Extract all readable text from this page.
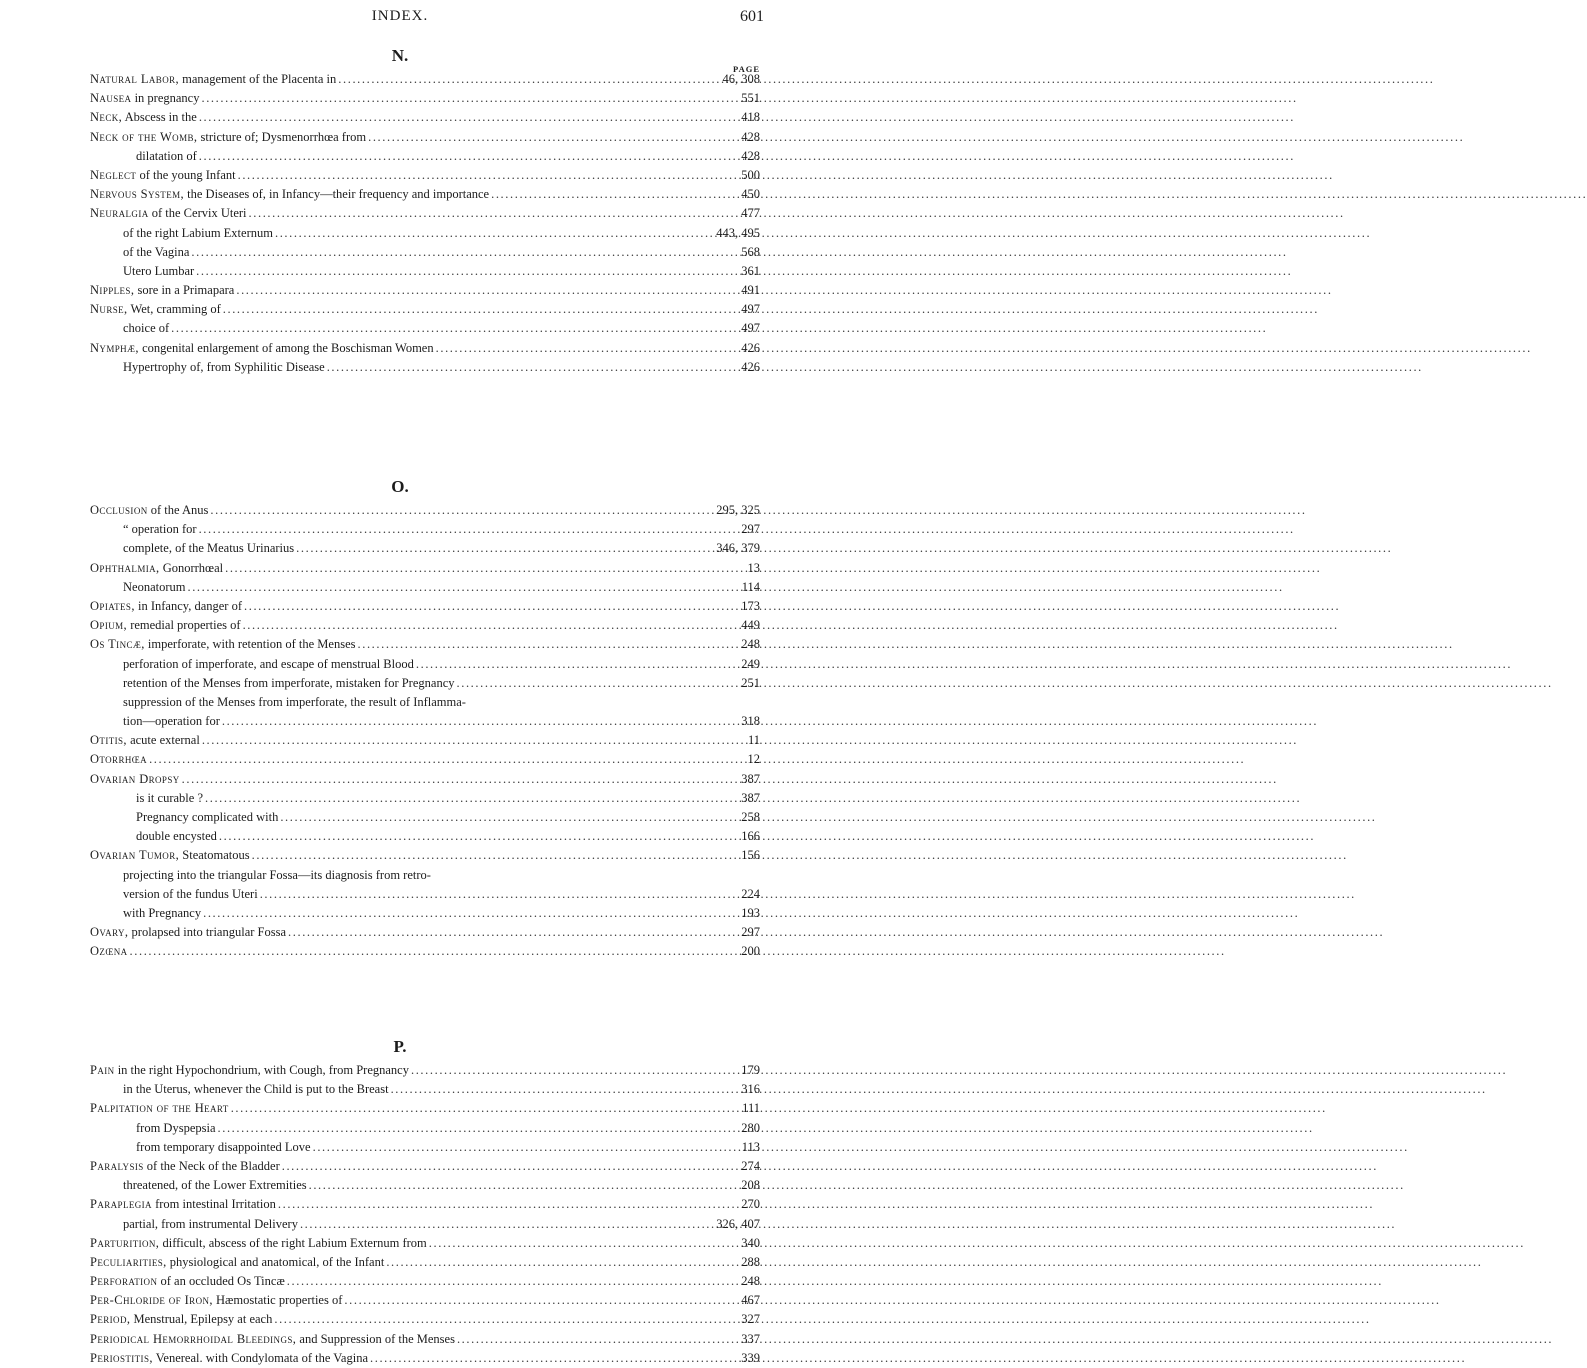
INDEX.	601
N.
PAGE
Natural Labor, management of the Placenta in .....	46, 308
Nausea in pregnancy .....	551
Neck, Abscess in the .....	418
Neck of the Womb, stricture of; Dysmenorrhœa from .....	428
dilatation of .....	428
Neglect of the young Infant .....	500
Nervous System, the Diseases of, in Infancy—their frequency and importance .....	450
Neuralgia of the Cervix Uteri .....	477
of the right Labium Externum .....	443, 495
of the Vagina .....	568
Utero Lumbar .....	361
Nipples, sore in a Primapara .....	491
Nurse, Wet, cramming of .....	497
choice of .....	497
Nymphæ, congenital enlargement of among the Boschisman Women .....	426
Hypertrophy of, from Syphilitic Disease .....	426
O.
Occlusion of the Anus .....	295, 325
“ operation for .....	297
complete, of the Meatus Urinarius .....	346, 379
Ophthalmia, Gonorrhœal .....	13
Neonatorum .....	114
Opiates, in Infancy, danger of .....	173
Opium, remedial properties of .....	449
Os Tincæ, imperforate, with retention of the Menses .....	248
perforation of imperforate, and escape of menstrual Blood .....	249
retention of the Menses from imperforate, mistaken for Pregnancy .....	251
suppression of the Menses from imperforate, the result of Inflamma-
tion—operation for .....	318
Otitis, acute external .....	11
Otorrhœa .....	12
Ovarian Dropsy .....	387
is it curable ? .....	387
Pregnancy complicated with .....	258
double encysted .....	166
Ovarian Tumor, Steatomatous .....	156
projecting into the triangular Fossa—its diagnosis from retro-
version of the fundus Uteri .....	224
with Pregnancy .....	193
Ovary, prolapsed into triangular Fossa .....	297
Ozœna .....	200
P.
Pain in the right Hypochondrium, with Cough, from Pregnancy .....	179
in the Uterus, whenever the Child is put to the Breast .....	316
Palpitation of the Heart .....	111
from Dyspepsia .....	280
from temporary disappointed Love .....	113
Paralysis of the Neck of the Bladder .....	274
threatened, of the Lower Extremities .....	208
Paraplegia from intestinal Irritation .....	270
partial, from instrumental Delivery .....	326, 407
Parturition, difficult, abscess of the right Labium Externum from .....	340
Peculiarities, physiological and anatomical, of the Infant .....	288
Perforation of an occluded Os Tincæ .....	248
Per-Chloride of Iron, Hæmostatic properties of .....	467
Period, Menstrual, Epilepsy at each .....	327
Periodical Hemorrhoidal Bleedings, and Suppression of the Menses .....	337
Periostitis, Venereal. with Condylomata of the Vagina .....	339
